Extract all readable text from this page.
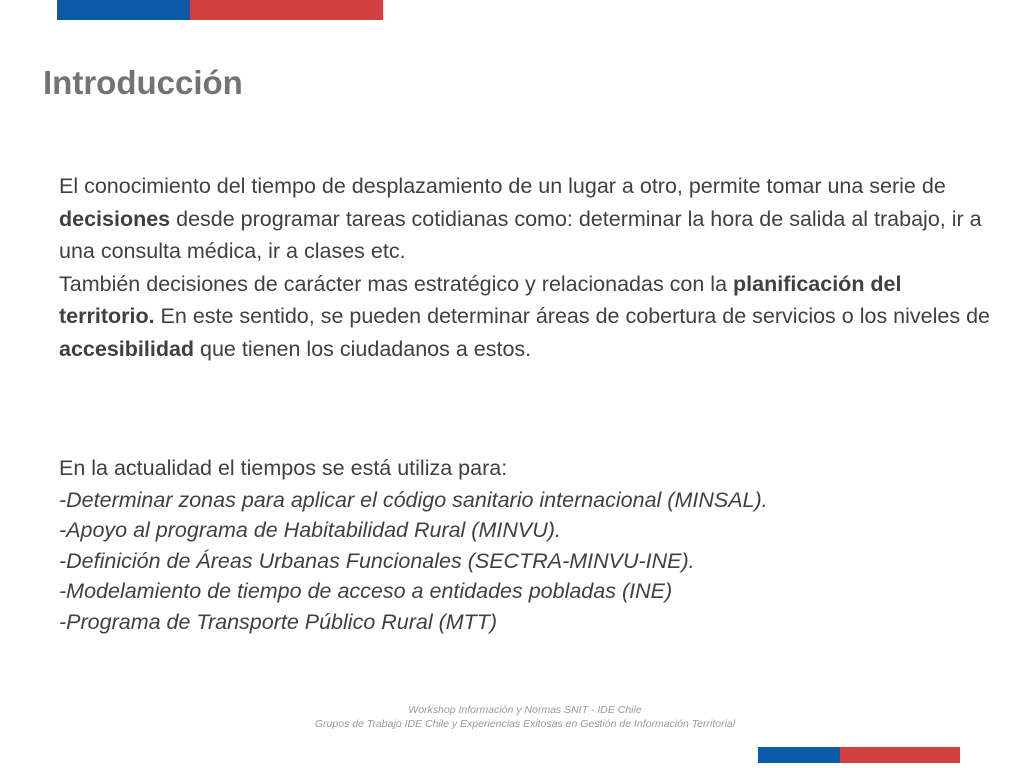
Introducción

El conocimiento del tiempo de desplazamiento de un lugar a otro, permite tomar una serie de decisiones desde programar tareas cotidianas como: determinar la hora de salida al trabajo, ir a una consulta médica, ir a clases etc.
También decisiones de carácter mas estratégico y relacionadas con la planificación del territorio. En este sentido, se pueden determinar áreas de cobertura de servicios o los niveles de accesibilidad que tienen los ciudadanos a estos.

En la actualidad el tiempos se está utiliza para:
-Determinar zonas para aplicar el código sanitario internacional (MINSAL).
-Apoyo al programa de Habitabilidad Rural (MINVU).
-Definición de Áreas Urbanas Funcionales (SECTRA-MINVU-INE).
-Modelamiento de tiempo de acceso a entidades pobladas (INE)
-Programa de Transporte Público Rural (MTT)
Workshop Información y Normas SNIT - IDE Chile
Grupos de Trabajo IDE Chile y Experiencias Exitosas en Gestión de Información Territorial
